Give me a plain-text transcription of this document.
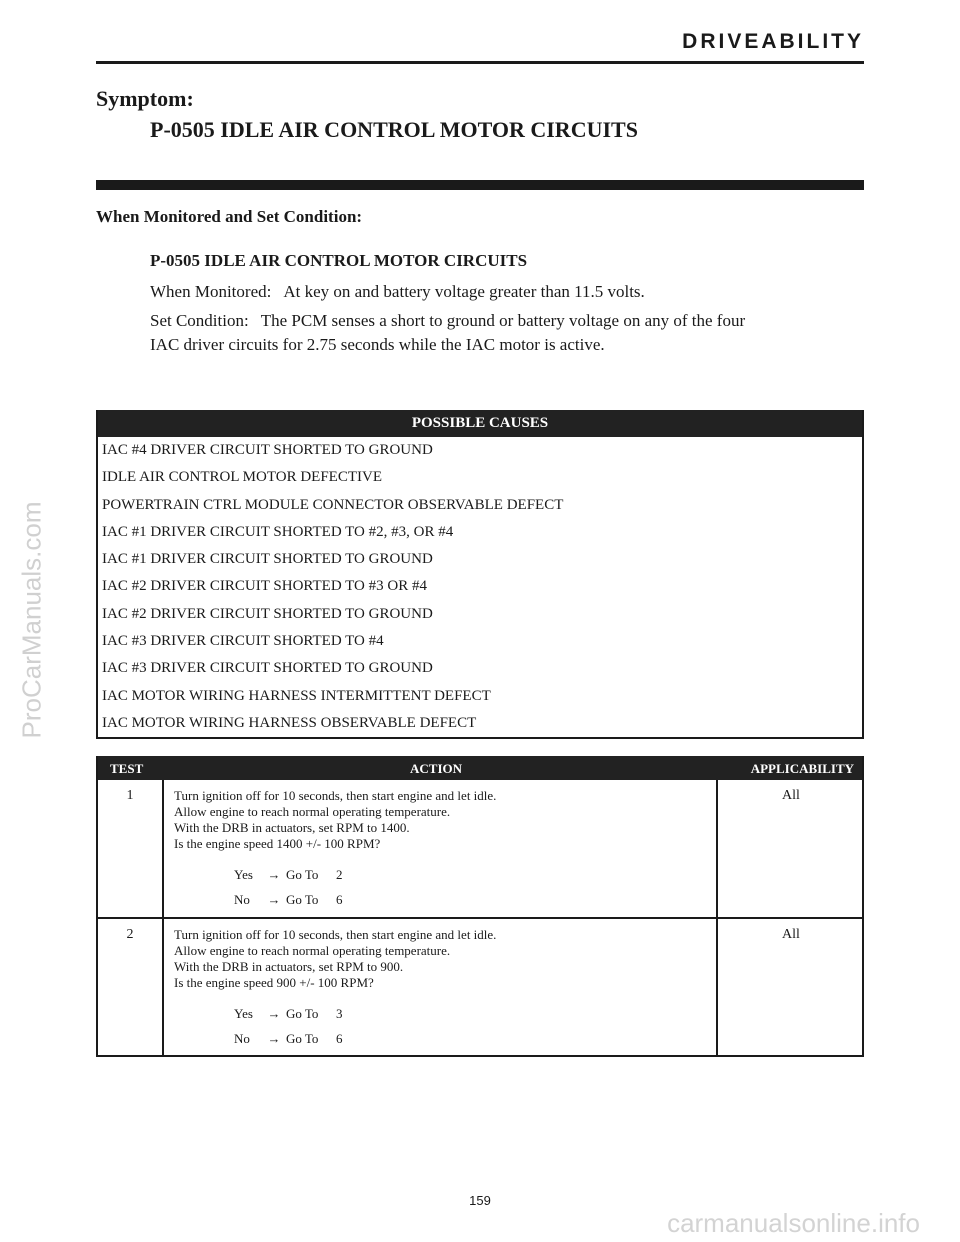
ProCarManuals.com
DRIVEABILITY
Symptom:
P-0505 IDLE AIR CONTROL MOTOR CIRCUITS
When Monitored and Set Condition:
P-0505 IDLE AIR CONTROL MOTOR CIRCUITS
When Monitored: At key on and battery voltage greater than 11.5 volts.
Set Condition: The PCM senses a short to ground or battery voltage on any of the four
IAC driver circuits for 2.75 seconds while the IAC motor is active.
POSSIBLE CAUSES
IAC #4 DRIVER CIRCUIT SHORTED TO GROUND
IDLE AIR CONTROL MOTOR DEFECTIVE
POWERTRAIN CTRL MODULE CONNECTOR OBSERVABLE DEFECT
IAC #1 DRIVER CIRCUIT SHORTED TO #2, #3, OR #4
IAC #1 DRIVER CIRCUIT SHORTED TO GROUND
IAC #2 DRIVER CIRCUIT SHORTED TO #3 OR #4
IAC #2 DRIVER CIRCUIT SHORTED TO GROUND
IAC #3 DRIVER CIRCUIT SHORTED TO #4
IAC #3 DRIVER CIRCUIT SHORTED TO GROUND
IAC MOTOR WIRING HARNESS INTERMITTENT DEFECT
IAC MOTOR WIRING HARNESS OBSERVABLE DEFECT
TEST	ACTION	APPLICABILITY
1	Turn ignition off for 10 seconds, then start engine and let idle.
Allow engine to reach normal operating temperature.
With the DRB in actuators, set RPM to 1400.
Is the engine speed 1400 +/- 100 RPM?
Yes → Go To 2
No → Go To 6
All
2	Turn ignition off for 10 seconds, then start engine and let idle.
Allow engine to reach normal operating temperature.
With the DRB in actuators, set RPM to 900.
Is the engine speed 900 +/- 100 RPM?
Yes → Go To 3
No → Go To 6
All
159
carmanualsonline.info
